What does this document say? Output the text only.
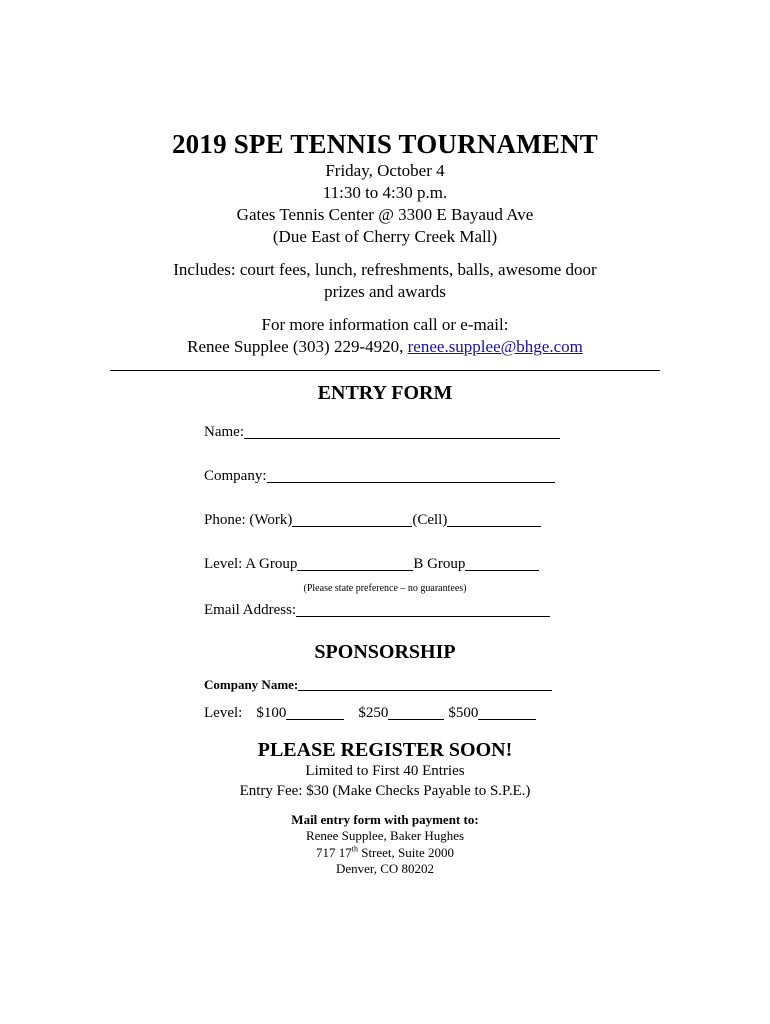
2019 SPE TENNIS TOURNAMENT
Friday, October 4
11:30 to 4:30 p.m.
Gates Tennis Center @ 3300 E Bayaud Ave
(Due East of Cherry Creek Mall)
Includes: court fees, lunch, refreshments, balls, awesome door
prizes and awards
For more information call or e-mail:
Renee Supplee (303) 229-4920, renee.supplee@bhge.com
ENTRY FORM
Name:
Company:
Phone: (Work)	(Cell)
Level: A Group	B Group
(Please state preference – no guarantees)
Email Address:
SPONSORSHIP
Company Name:
Level: $100	$250	$500
PLEASE REGISTER SOON!
Limited to First 40 Entries
Entry Fee: $30 (Make Checks Payable to S.P.E.)
Mail entry form with payment to:
Renee Supplee, Baker Hughes
717 17th Street, Suite 2000
Denver, CO 80202
